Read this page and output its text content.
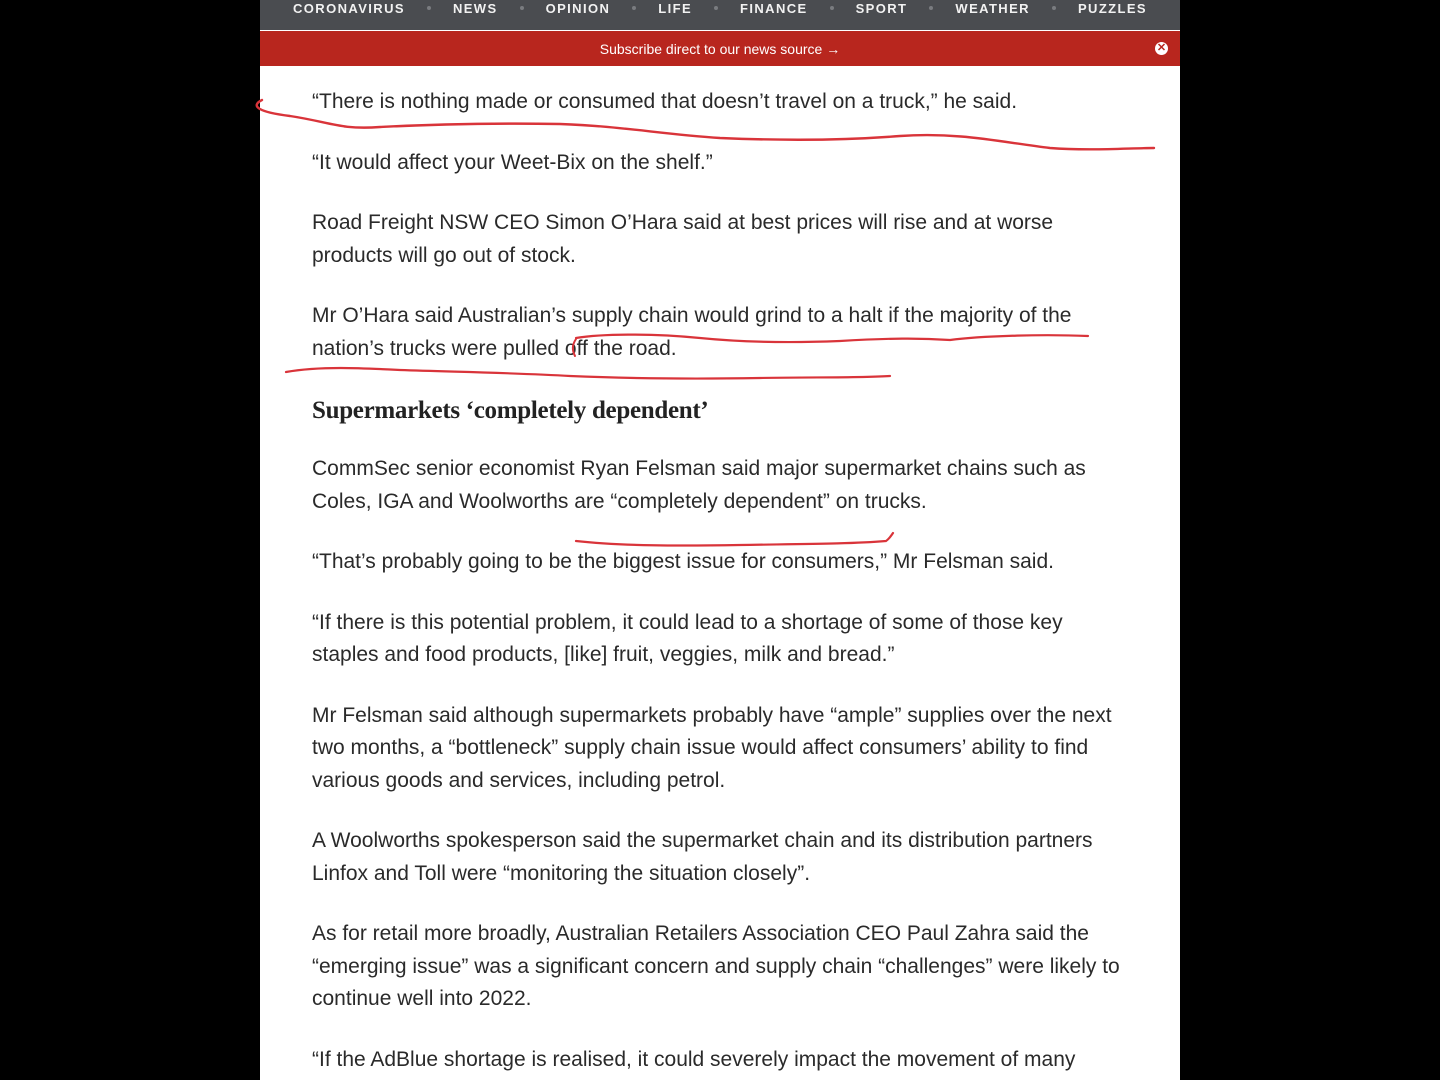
CORONAVIRUS	NEWS	OPINION	LIFE	FINANCE	SPORT	WEATHER	PUZZLES
Subscribe direct to our news source →	✕

“There is nothing made or consumed that doesn’t travel on a truck,” he said.

“It would affect your Weet-Bix on the shelf.”

Road Freight NSW CEO Simon O’Hara said at best prices will rise and at worse products will go out of stock.

Mr O’Hara said Australian’s supply chain would grind to a halt if the majority of the nation’s trucks were pulled off the road.

Supermarkets ‘completely dependent’

CommSec senior economist Ryan Felsman said major supermarket chains such as Coles, IGA and Woolworths are “completely dependent” on trucks.

“That’s probably going to be the biggest issue for consumers,” Mr Felsman said.

“If there is this potential problem, it could lead to a shortage of some of those key staples and food products, [like] fruit, veggies, milk and bread.”

Mr Felsman said although supermarkets probably have “ample” supplies over the next two months, a “bottleneck” supply chain issue would affect consumers’ ability to find various goods and services, including petrol.

A Woolworths spokesperson said the supermarket chain and its distribution partners Linfox and Toll were “monitoring the situation closely”.

As for retail more broadly, Australian Retailers Association CEO Paul Zahra said the “emerging issue” was a significant concern and supply chain “challenges” were likely to continue well into 2022.

“If the AdBlue shortage is realised, it could severely impact the movement of many
